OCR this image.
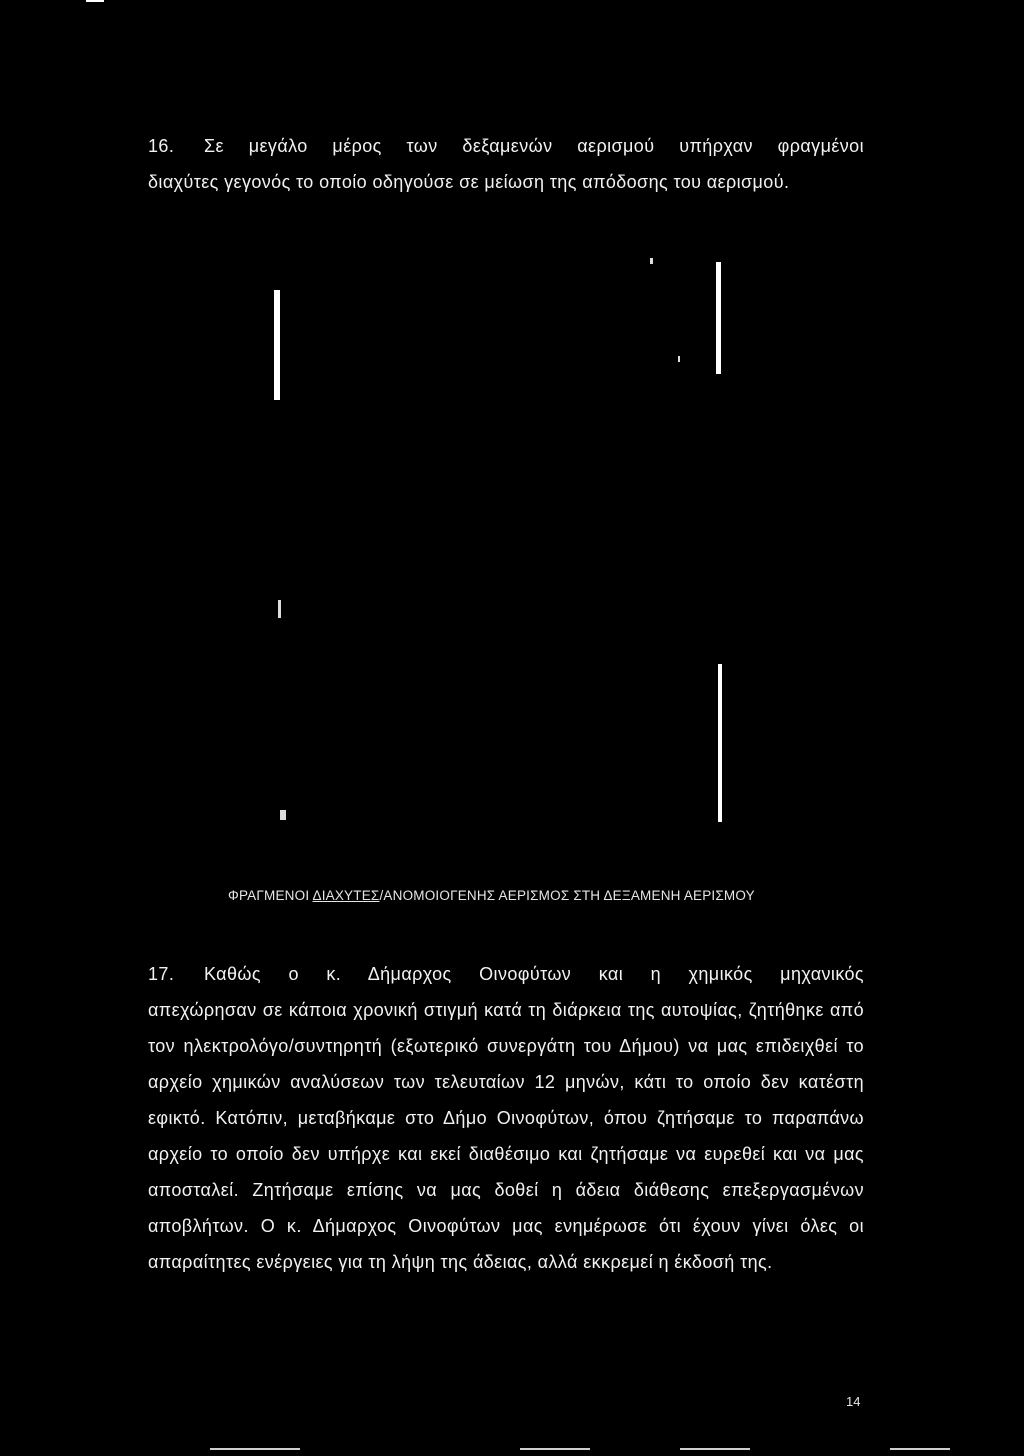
16. Σε μεγάλο μέρος των δεξαμενών αερισμού υπήρχαν φραγμένοι

διαχύτες γεγονός το οποίο οδηγούσε σε μείωση της απόδοσης του αερισμού.

ΦΡΑΓΜΕΝΟΙ ΔΙΑΧΥΤΕΣ/ΑΝΟΜΟΙΟΓΕΝΗΣ ΑΕΡΙΣΜΟΣ ΣΤΗ ΔΕΞΑΜΕΝΗ ΑΕΡΙΣΜΟΥ

17. Καθώς ο κ. Δήμαρχος Οινοφύτων και η χημικός μηχανικός

απεχώρησαν σε κάποια χρονική στιγμή κατά τη διάρκεια της αυτοψίας, ζητήθηκε από

τον ηλεκτρολόγο/συντηρητή (εξωτερικό συνεργάτη του Δήμου) να μας επιδειχθεί το

αρχείο χημικών αναλύσεων των τελευταίων 12 μηνών, κάτι το οποίο δεν κατέστη

εφικτό. Κατόπιν, μεταβήκαμε στο Δήμο Οινοφύτων, όπου ζητήσαμε το παραπάνω

αρχείο το οποίο δεν υπήρχε και εκεί διαθέσιμο και ζητήσαμε να ευρεθεί και να μας

αποσταλεί. Ζητήσαμε επίσης να μας δοθεί η άδεια διάθεσης επεξεργασμένων

αποβλήτων. Ο κ. Δήμαρχος Οινοφύτων μας ενημέρωσε ότι έχουν γίνει όλες οι

απαραίτητες ενέργειες για τη λήψη της άδειας, αλλά εκκρεμεί η έκδοσή της.

14
